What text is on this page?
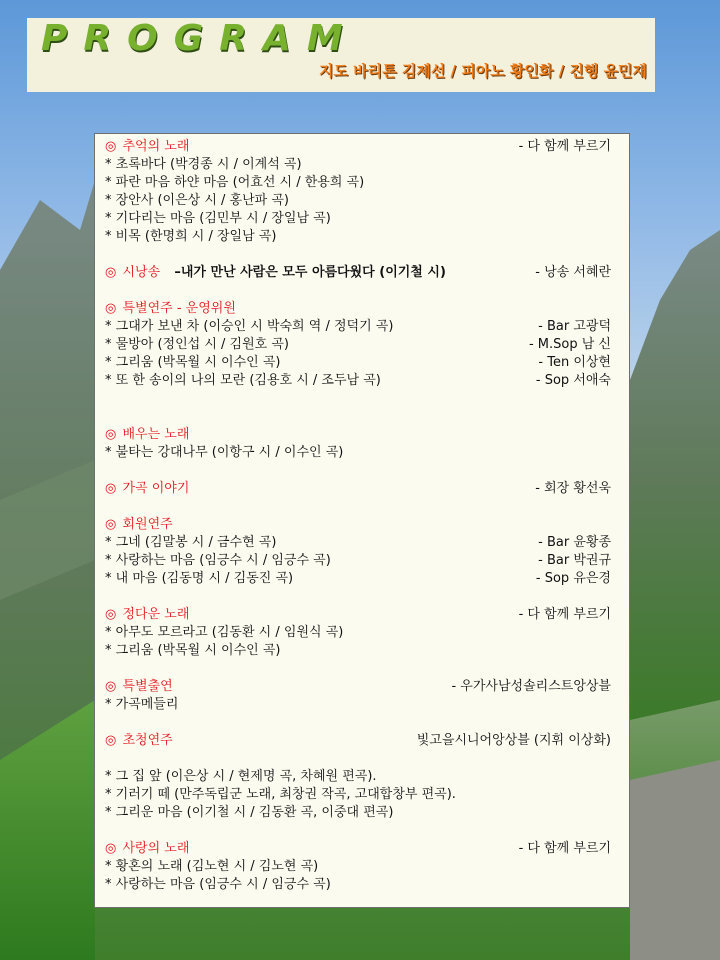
PROGRAM
지도 바리톤 김제선 / 피아노 황인화 / 진행 윤민재
◎ 추억의 노래	- 다 함께 부르기
* 초록바다 (박경종 시 / 이계석 곡)
* 파란 마음 하얀 마음 (어효선 시 / 한용희 곡)
* 장안사 (이은상 시 / 홍난파 곡)
* 기다리는 마음 (김민부 시 / 장일남 곡)
* 비목 (한명희 시 / 장일남 곡)
◎ 시낭송 –내가 만난 사람은 모두 아름다웠다 (이기철 시)	- 낭송 서혜란
◎ 특별연주 - 운영위원
* 그대가 보낸 차 (이승인 시 박숙희 역 / 정덕기 곡)	- Bar 고광덕
* 물방아 (정인섭 시 / 김원호 곡)	- M.Sop 남 신
* 그리움 (박목월 시 이수인 곡)	- Ten 이상현
* 또 한 송이의 나의 모란 (김용호 시 / 조두남 곡)	- Sop 서애숙
◎ 배우는 노래
* 불타는 강대나무 (이항구 시 / 이수인 곡)
◎ 가곡 이야기	- 회장 황선욱
◎ 회원연주
* 그네 (김말봉 시 / 금수현 곡)	- Bar 윤황종
* 사랑하는 마음 (임긍수 시 / 임긍수 곡)	- Bar 박권규
* 내 마음 (김동명 시 / 김동진 곡)	- Sop 유은경
◎ 정다운 노래	- 다 함께 부르기
* 아무도 모르라고 (김동환 시 / 임원식 곡)
* 그리움 (박목월 시 이수인 곡)
◎ 특별출연	- 우가사남성솔리스트앙상블
* 가곡메들리
◎ 초청연주	빛고을시니어앙상블 (지휘 이상화)
* 그 집 앞 (이은상 시 / 현제명 곡, 차혜원 편곡).
* 기러기 떼 (만주독립군 노래, 최창권 작곡, 고대합창부 편곡).
* 그리운 마음 (이기철 시 / 김동환 곡, 이중대 편곡)
◎ 사랑의 노래	- 다 함께 부르기
* 황혼의 노래 (김노현 시 / 김노현 곡)
* 사랑하는 마음 (임긍수 시 / 임긍수 곡)
